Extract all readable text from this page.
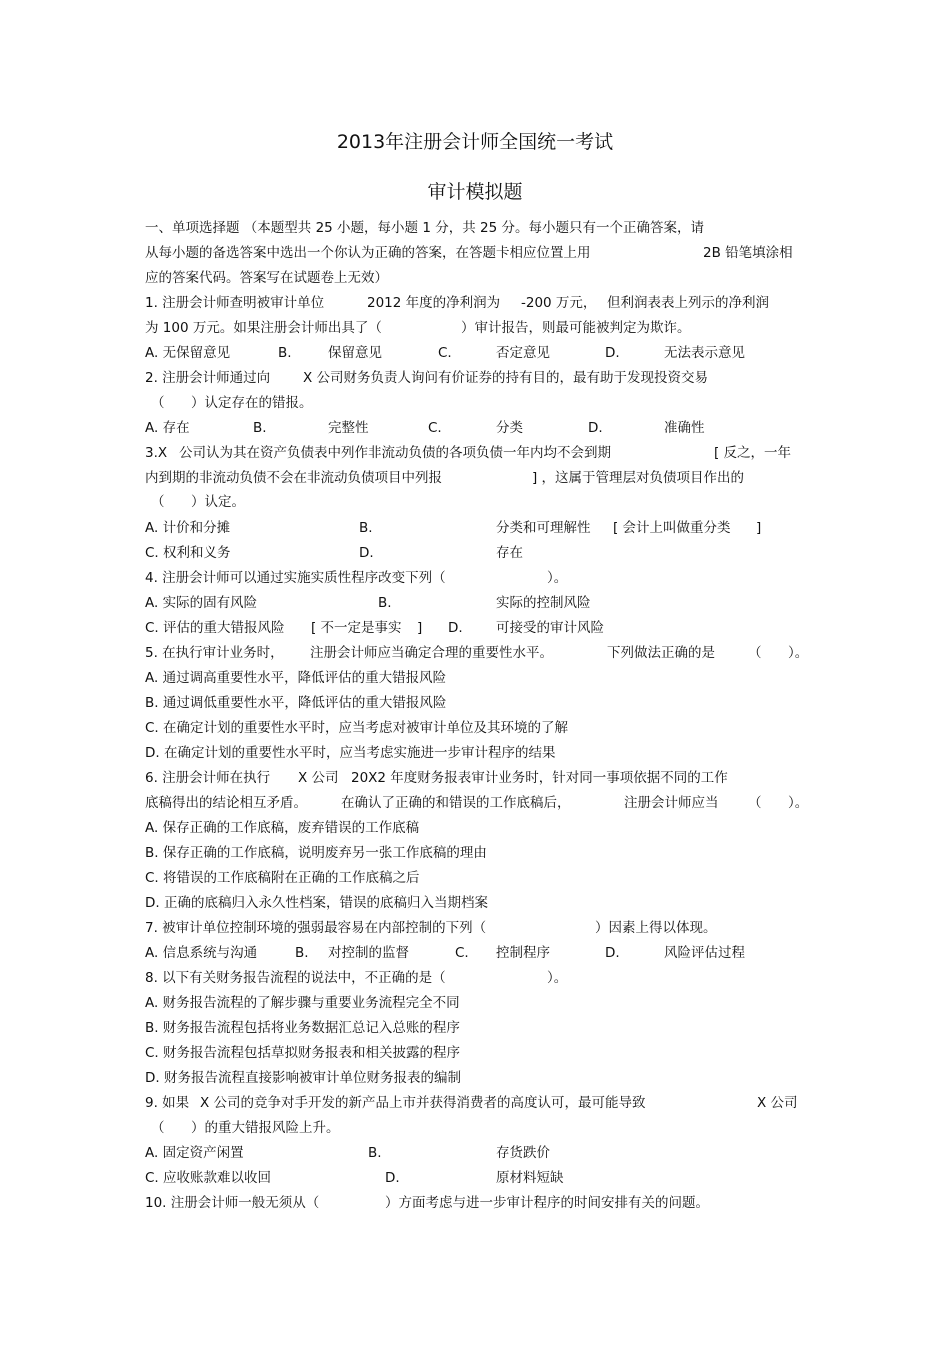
2013年注册会计师全国统一考试
审计模拟题
一、单项选择题 （本题型共 25 小题，每小题 1 分，共 25 分。每小题只有一个正确答案，请
从每小题的备选答案中选出一个你认为正确的答案，在答题卡相应位置上用	2B 铅笔填涂相
应的答案代码。答案写在试题卷上无效）
1. 注册会计师查明被审计单位	2012 年度的净利润为 -200 万元， 但利润表表上列示的净利润
为 100 万元。如果注册会计师出具了（	）审计报告，则最可能被判定为欺诈。
A. 无保留意见	B.	保留意见	C.	否定意见	D.	无法表示意见
2. 注册会计师通过向 X 公司财务负责人询问有价证券的持有目的，最有助于发现投资交易
（ ）认定存在的错报。
A. 存在	B.	完整性	C.	分类	D.	准确性
3.X 公司认为其在资产负债表中列作非流动负债的各项负债一年内均不会到期	[ 反之，一年
内到期的非流动负债不会在非流动负债项目中列报	] ，这属于管理层对负债项目作出的
（ ）认定。
A. 计价和分摊	B.	分类和可理解性 [ 会计上叫做重分类 ]
C. 权利和义务	D.	存在
4. 注册会计师可以通过实施实质性程序改变下列（	）。
A. 实际的固有风险	B.	实际的控制风险
C. 评估的重大错报风险 [ 不一定是事实 ] D. 可接受的审计风险
5. 在执行审计业务时， 注册会计师应当确定合理的重要性水平。	下列做法正确的是 （ ）。
A. 通过调高重要性水平，降低评估的重大错报风险
B. 通过调低重要性水平，降低评估的重大错报风险
C. 在确定计划的重要性水平时，应当考虑对被审计单位及其环境的了解
D. 在确定计划的重要性水平时，应当考虑实施进一步审计程序的结果
6. 注册会计师在执行 X 公司 20X2 年度财务报表审计业务时，针对同一事项依据不同的工作
底稿得出的结论相互矛盾。	在确认了正确的和错误的工作底稿后，	注册会计师应当 （ ）。
A. 保存正确的工作底稿，废弃错误的工作底稿
B. 保存正确的工作底稿，说明废弃另一张工作底稿的理由
C. 将错误的工作底稿附在正确的工作底稿之后
D. 正确的底稿归入永久性档案，错误的底稿归入当期档案
7. 被审计单位控制环境的强弱最容易在内部控制的下列（	）因素上得以体现。
A. 信息系统与沟通	B. 对控制的监督	C. 控制程序	D.	风险评估过程
8. 以下有关财务报告流程的说法中，不正确的是（	）。
A. 财务报告流程的了解步骤与重要业务流程完全不同
B. 财务报告流程包括将业务数据汇总记入总账的程序
C. 财务报告流程包括草拟财务报表和相关披露的程序
D. 财务报告流程直接影响被审计单位财务报表的编制
9. 如果 X 公司的竞争对手开发的新产品上市并获得消费者的高度认可，最可能导致	X 公司
（ ）的重大错报风险上升。
A. 固定资产闲置	B.	存货跌价
C. 应收账款难以收回	D.	原材料短缺
10. 注册会计师一般无须从（	）方面考虑与进一步审计程序的时间安排有关的问题。
